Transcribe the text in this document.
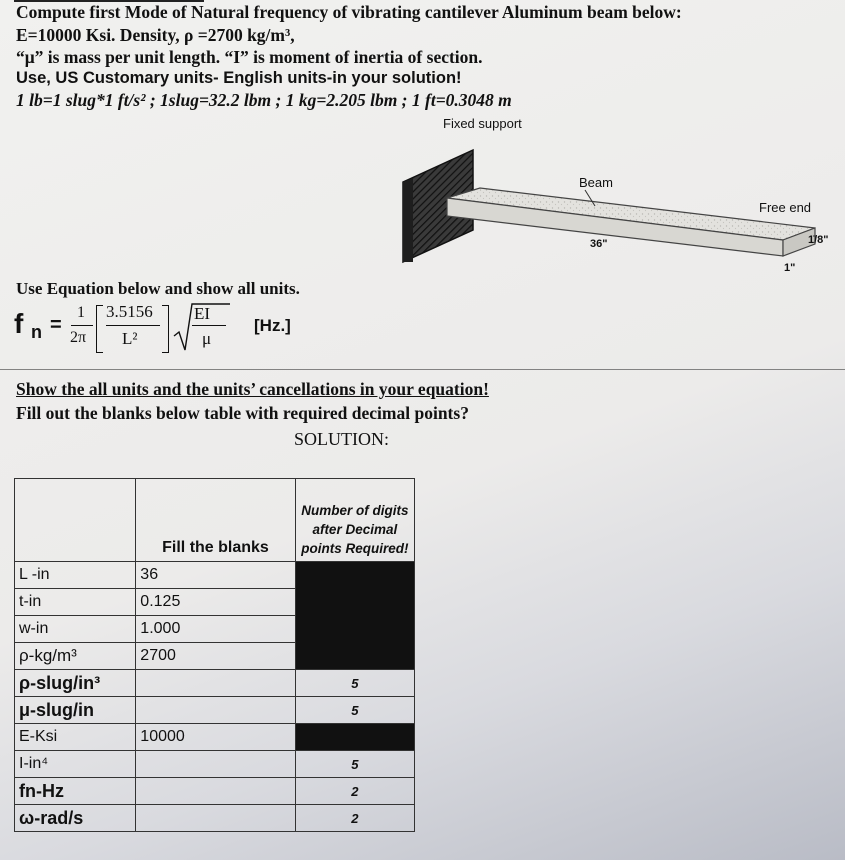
Compute first Mode of Natural frequency of vibrating cantilever Aluminum beam below:
E=10000 Ksi. Density, ρ =2700 kg/m³,
“μ” is mass per unit length. “I” is moment of inertia of section.
Use, US Customary units- English units-in your solution!
1 lb=1 slug*1 ft/s² ; 1slug=32.2 lbm ; 1 kg=2.205 lbm ; 1 ft=0.3048 m
Fixed support
Beam
Free end
36"	1/8"
1"
Use Equation below and show all units.
f n =
1
2π
3.5156
L²
EI
μ
[Hz.]
Show the all units and the units’ cancellations in your equation!
Fill out the blanks below table with required decimal points?
SOLUTION:
	Fill the blanks	Number of digits after Decimal points Required!
L -in	36	
t-in	0.125	
w-in	1.000	
ρ-kg/m³	2700	
ρ-slug/in³		5
μ-slug/in		5
E-Ksi	10000	
I-in⁴		5
fn-Hz		2
ω-rad/s		2
